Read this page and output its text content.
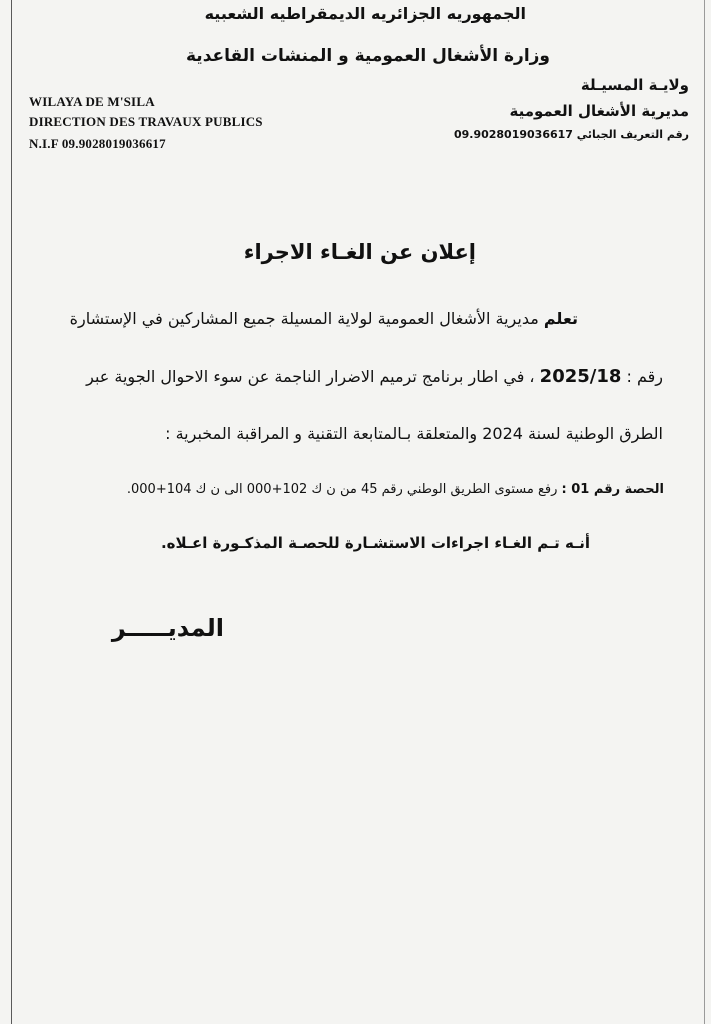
الجمهوريه الجزائريه الديمقراطيه الشعبيه
وزارة الأشغال العمومية و المنشات القاعدية
WILAYA DE M'SILA
DIRECTION DES TRAVAUX PUBLICS
N.I.F 09.9028019036617
ولايـة المسيـلة
مديرية الأشغال العمومية
رقم التعريف الجبائي 09.9028019036617
إعلان عن الغـاء الاجراء
تعلم مديرية الأشغال العمومية لولاية المسيلة جميع المشاركين في الإستشارة
رقم : 2025/18 ، في اطار برنامج ترميم الاضرار الناجمة عن سوء الاحوال الجوية عبر
الطرق الوطنية لسنة 2024 والمتعلقة بـالمتابعة التقنية و المراقبة المخبرية :
الحصة رقم 01 : رفع مستوى الطريق الوطني رقم 45 من ن ك 102+000 الى ن ك 104+000.
أنـه تـم الغـاء اجراءات الاستشـارة للحصـة المذكـورة اعـلاه.
المديـــــر
